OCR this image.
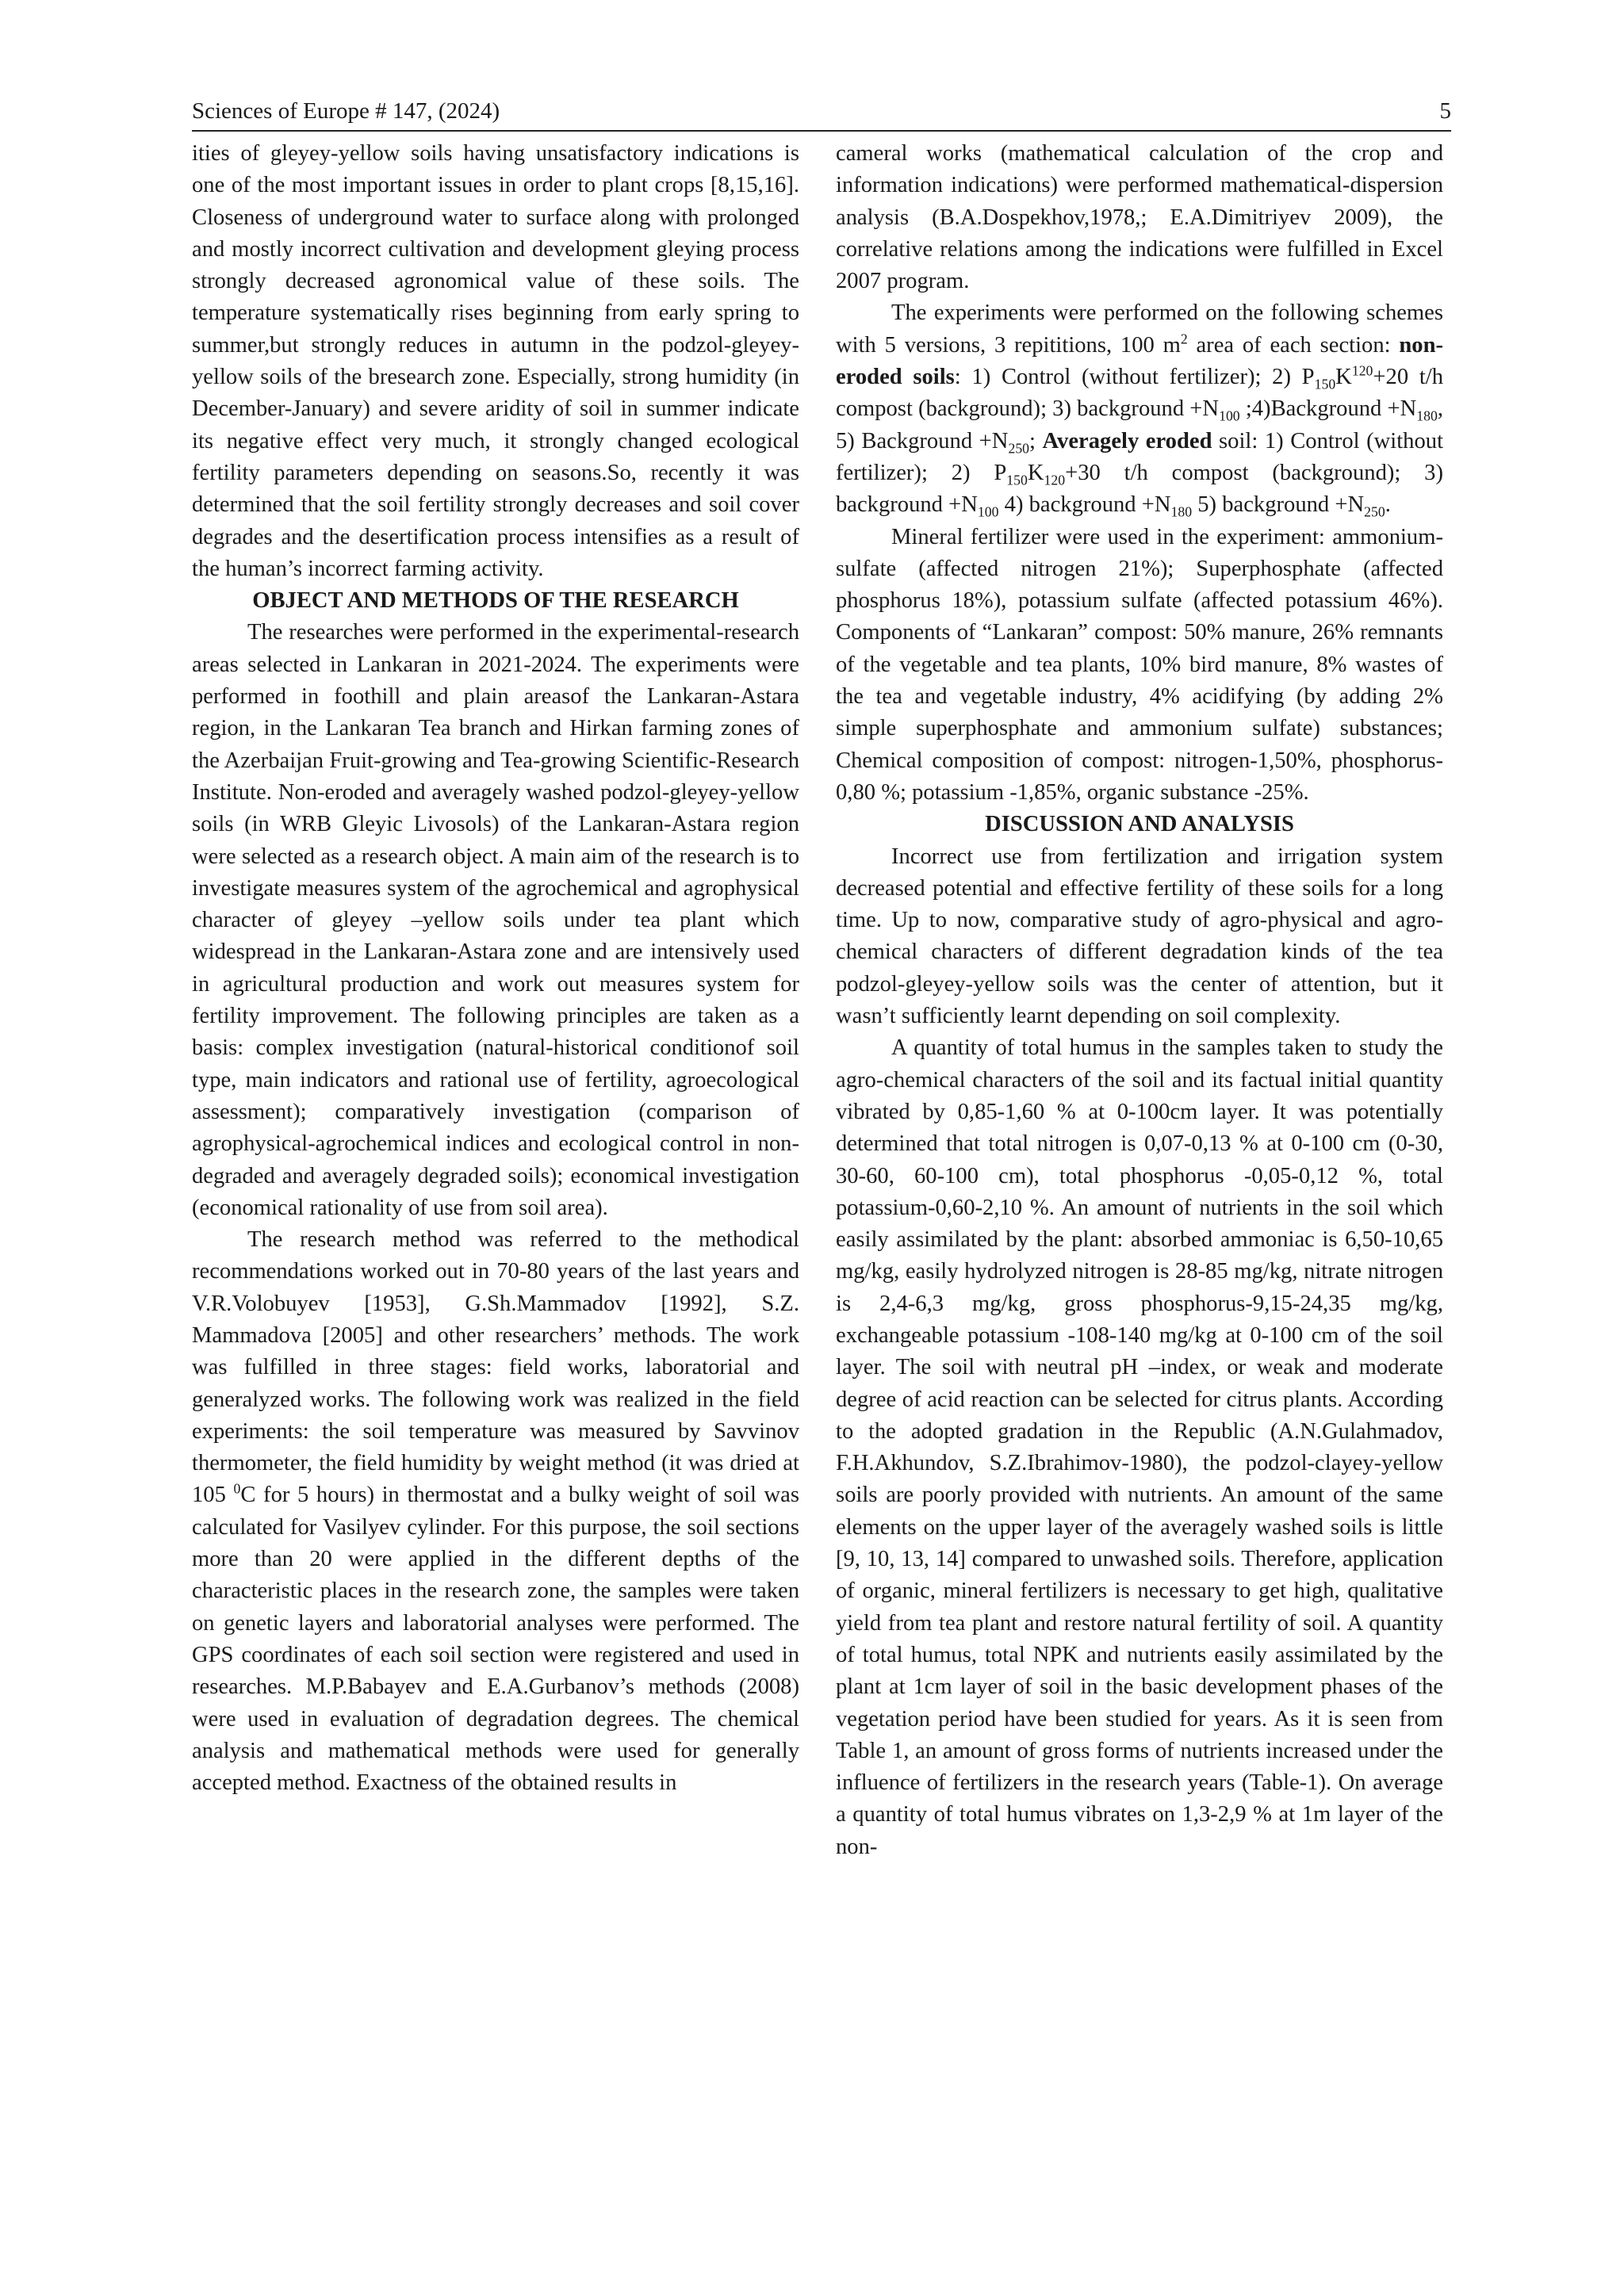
Sciences of Europe # 147, (2024)	5

ities of gleyey-yellow soils having unsatisfactory indications is one of the most important issues in order to plant crops [8,15,16]. Closeness of underground water to surface along with prolonged and mostly incorrect cultivation and development gleying process strongly decreased agronomical value of these soils. The temperature systematically rises beginning from early spring to summer,but strongly reduces in autumn in the podzol-gleyey-yellow soils of the bresearch zone. Especially, strong humidity (in December-January) and severe aridity of soil in summer indicate its negative effect very much, it strongly changed ecological fertility parameters depending on seasons.So, recently it was determined that the soil fertility strongly decreases and soil cover degrades and the desertification process intensifies as a result of the human’s incorrect farming activity.

OBJECT AND METHODS OF THE RESEARCH

The researches were performed in the experimental-research areas selected in Lankaran in 2021-2024. The experiments were performed in foothill and plain areasof the Lankaran-Astara region, in the Lankaran Tea branch and Hirkan farming zones of the Azerbaijan Fruit-growing and Tea-growing Scientific-Research Institute. Non-eroded and averagely washed podzol-gleyey-yellow soils (in WRB Gleyic Livosols) of the Lankaran-Astara region were selected as a research object. A main aim of the research is to investigate measures system of the agrochemical and agrophysical character of gleyey –yellow soils under tea plant which widespread in the Lankaran-Astara zone and are intensively used in agricultural production and work out measures system for fertility improvement. The following principles are taken as a basis: complex investigation (natural-historical conditionof soil type, main indicators and rational use of fertility, agroecological assessment); comparatively investigation (comparison of agrophysical-agrochemical indices and ecological control in non-degraded and averagely degraded soils); economical investigation (economical rationality of use from soil area).

The research method was referred to the methodical recommendations worked out in 70-80 years of the last years and V.R.Volobuyev [1953], G.Sh.Mammadov [1992], S.Z. Mammadova [2005] and other researchers’ methods. The work was fulfilled in three stages: field works, laboratorial and generalyzed works. The following work was realized in the field experiments: the soil temperature was measured by Savvinov thermometer, the field humidity by weight method (it was dried at 105 $^0$C for 5 hours) in thermostat and a bulky weight of soil was calculated for Vasilyev cylinder. For this purpose, the soil sections more than 20 were applied in the different depths of the characteristic places in the research zone, the samples were taken on genetic layers and laboratorial analyses were performed. The GPS coordinates of each soil section were registered and used in researches. M.P.Babayev and E.A.Gurbanov’s methods (2008) were used in evaluation of degradation degrees. The chemical analysis and mathematical methods were used for generally accepted method. Exactness of the obtained results in

cameral works (mathematical calculation of the crop and information indications) were performed mathematical-dispersion analysis (B.A.Dospekhov,1978,; E.A.Dimitriyev 2009), the correlative relations among the indications were fulfilled in Excel 2007 program.

The experiments were performed on the following schemes with 5 versions, 3 repititions, 100 $m^2$ area of each section: non-eroded soils: 1) Control (without fertilizer); 2) $P_{150}K^{120}+20$ t/h compost (background); 3) background $+N_{100}$ ;4)Background $+N_{180}$, 5) Background $+N_{250}$; Averagely eroded soil: 1) Control (without fertilizer); 2) $P_{150}K_{120}+30$ t/h compost (background); 3) background $+N_{100}$ 4) background $+N_{180}$ 5) background $+N_{250}$.

Mineral fertilizer were used in the experiment: ammonium-sulfate (affected nitrogen 21%); Superphosphate (affected phosphorus 18%), potassium sulfate (affected potassium 46%). Components of “Lankaran” compost: 50% manure, 26% remnants of the vegetable and tea plants, 10% bird manure, 8% wastes of the tea and vegetable industry, 4% acidifying (by adding 2% simple superphosphate and ammonium sulfate) substances; Chemical composition of compost: nitrogen-1,50%, phosphorus-0,80 %; potassium -1,85%, organic substance -25%.

DISCUSSION AND ANALYSIS

Incorrect use from fertilization and irrigation system decreased potential and effective fertility of these soils for a long time. Up to now, comparative study of agro-physical and agro-chemical characters of different degradation kinds of the tea podzol-gleyey-yellow soils was the center of attention, but it wasn’t sufficiently learnt depending on soil complexity.

A quantity of total humus in the samples taken to study the agro-chemical characters of the soil and its factual initial quantity vibrated by 0,85-1,60 % at 0-100cm layer. It was potentially determined that total nitrogen is 0,07-0,13 % at 0-100 cm (0-30, 30-60, 60-100 cm), total phosphorus -0,05-0,12 %, total potassium-0,60-2,10 %. An amount of nutrients in the soil which easily assimilated by the plant: absorbed ammoniac is 6,50-10,65 mg/kg, easily hydrolyzed nitrogen is 28-85 mg/kg, nitrate nitrogen is 2,4-6,3 mg/kg, gross phosphorus-9,15-24,35 mg/kg, exchangeable potassium -108-140 mg/kg at 0-100 cm of the soil layer. The soil with neutral pH –index, or weak and moderate degree of acid reaction can be selected for citrus plants. According to the adopted gradation in the Republic (A.N.Gulahmadov, F.H.Akhundov, S.Z.Ibrahimov-1980), the podzol-clayey-yellow soils are poorly provided with nutrients. An amount of the same elements on the upper layer of the averagely washed soils is little [9, 10, 13, 14] compared to unwashed soils. Therefore, application of organic, mineral fertilizers is necessary to get high, qualitative yield from tea plant and restore natural fertility of soil. A quantity of total humus, total NPK and nutrients easily assimilated by the plant at 1cm layer of soil in the basic development phases of the vegetation period have been studied for years. As it is seen from Table 1, an amount of gross forms of nutrients increased under the influence of fertilizers in the research years (Table-1). On average a quantity of total humus vibrates on 1,3-2,9 % at 1m layer of the non-
